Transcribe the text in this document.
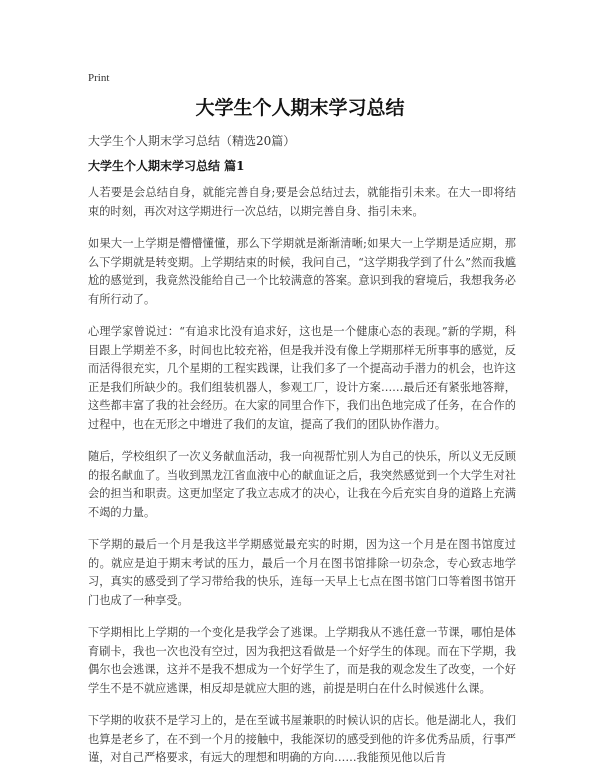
Print
大学生个人期末学习总结
大学生个人期末学习总结（精选20篇）
大学生个人期末学习总结 篇1

人若要是会总结自身，就能完善自身;要是会总结过去，就能指引未来。在大一即将结束的时刻，再次对这学期进行一次总结，以期完善自身、指引未来。

如果大一上学期是懵懵懂懂，那么下学期就是渐渐清晰;如果大一上学期是适应期，那么下学期就是转变期。上学期结束的时候，我问自己，“这学期我学到了什么”然而我尴尬的感觉到，我竟然没能给自己一个比较满意的答案。意识到我的窘境后，我想我务必有所行动了。

心理学家曾说过：“有追求比没有追求好，这也是一个健康心态的表现。”新的学期，科目跟上学期差不多，时间也比较充裕，但是我并没有像上学期那样无所事事的感觉，反而活得很充实，几个星期的工程实践课，让我们多了一个提高动手潜力的机会，也许这正是我们所缺少的。我们组装机器人，参观工厂，设计方案……最后还有紧张地答辩，这些都丰富了我的社会经历。在大家的同里合作下，我们出色地完成了任务，在合作的过程中，也在无形之中增进了我们的友谊，提高了我们的团队协作潜力。

随后，学校组织了一次义务献血活动，我一向视帮忙别人为自己的快乐，所以义无反顾的报名献血了。当收到黑龙江省血液中心的献血证之后，我突然感觉到一个大学生对社会的担当和职责。这更加坚定了我立志成才的决心，让我在今后充实自身的道路上充满不竭的力量。

下学期的最后一个月是我这半学期感觉最充实的时期，因为这一个月是在图书馆度过的。就应是迫于期末考试的压力，最后一个月在图书馆排除一切杂念，专心致志地学习，真实的感受到了学习带给我的快乐，连每一天早上七点在图书馆门口等着图书馆开门也成了一种享受。

下学期相比上学期的一个变化是我学会了逃课。上学期我从不逃任意一节课，哪怕是体育刷卡，我也一次也没有空过，因为我把这看做是一个好学生的体现。而在下学期，我偶尔也会逃课，这并不是我不想成为一个好学生了，而是我的观念发生了改变，一个好学生不是不就应逃课，相反却是就应大胆的逃，前提是明白在什么时候逃什么课。

下学期的收获不是学习上的，是在至诚书屋兼职的时候认识的店长。他是湖北人，我们也算是老乡了，在不到一个月的接触中，我能深切的感受到他的许多优秀品质，行事严谨，对自己严格要求，有远大的理想和明确的方向……我能预见他以后肯
